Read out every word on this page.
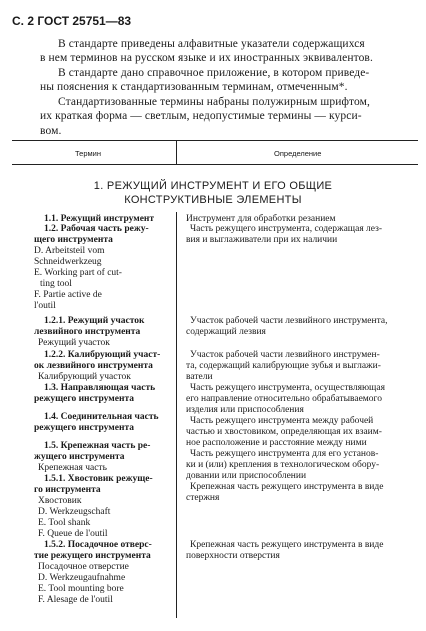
С. 2 ГОСТ 25751—83
В стандарте приведены алфавитные указатели содержащихся
в нем терминов на русском языке и их иностранных эквивалентов.
В стандарте дано справочное приложение, в котором приведе-
ны пояснения к стандартизованным терминам, отмеченным*.
Стандартизованные термины набраны полужирным шрифтом,
их краткая форма — светлым, недопустимые термины — курси-
вом.
Термин	Определение
1. РЕЖУЩИЙ ИНСТРУМЕНТ И ЕГО ОБЩИЕ
КОНСТРУКТИВНЫЕ ЭЛЕМЕНТЫ
1.1. Режущий инструмент
1.2. Рабочая часть режу-
щего инструмента
D. Arbeitsteil vom
Schneidwerkzeug
E. Working part of cut-
ting tool
F. Partie active de
l'outil
1.2.1. Режущий участок
лезвийного инструмента
Режущий участок
1.2.2. Калибрующий участ-
ок лезвийного инструмента
Калибрующий участок
1.3. Направляющая часть
режущего инструмента
1.4. Соединительная часть
режущего инструмента
1.5. Крепежная часть ре-
жущего инструмента
Крепежная часть
1.5.1. Хвостовик режуще-
го инструмента
Хвостовик
D. Werkzeugschaft
E. Tool shank
F. Queue de l'outil
1.5.2. Посадочное отверс-
тие режущего инструмента
Посадочное отверстие
D. Werkzeugaufnahme
E. Tool mounting bore
F. Alesage de l'outil
Инструмент для обработки резанием
Часть режущего инструмента, содержащая лез-
вия и выглаживатели при их наличии
Участок рабочей части лезвийного инструмента,
содержащий лезвия
Участок рабочей части лезвийного инструмен-
та, содержащий калибрующие зубья и выглажи-
ватели
Часть режущего инструмента, осуществляющая
его направление относительно обрабатываемого
изделия или приспособления
Часть режущего инструмента между рабочей
частью и хвостовиком, определяющая их взаим-
ное расположение и расстояние между ними
Часть режущего инструмента для его установ-
ки и (или) крепления в технологическом обору-
довании или приспособлении
Крепежная часть режущего инструмента в виде
стержня
Крепежная часть режущего инструмента в виде
поверхности отверстия
